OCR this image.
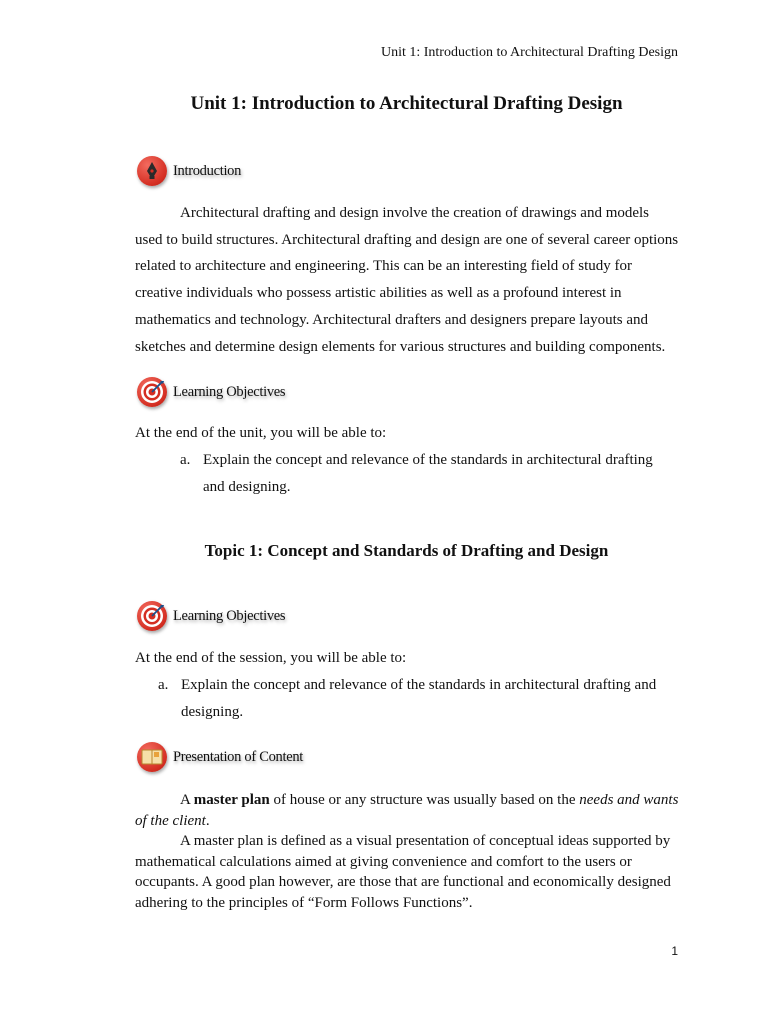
Unit 1: Introduction to Architectural Drafting Design
Unit 1: Introduction to Architectural Drafting Design
Introduction
Architectural drafting and design involve the creation of drawings and models used to build structures. Architectural drafting and design are one of several career options related to architecture and engineering. This can be an interesting field of study for creative individuals who possess artistic abilities as well as a profound interest in mathematics and technology. Architectural drafters and designers prepare layouts and sketches and determine design elements for various structures and building components.
Learning Objectives
At the end of the unit, you will be able to:
a. Explain the concept and relevance of the standards in architectural drafting and designing.
Topic 1: Concept and Standards of Drafting and Design
Learning Objectives
At the end of the session, you will be able to:
a. Explain the concept and relevance of the standards in architectural drafting and designing.
Presentation of Content
A master plan of house or any structure was usually based on the needs and wants of the client.
A master plan is defined as a visual presentation of conceptual ideas supported by mathematical calculations aimed at giving convenience and comfort to the users or occupants. A good plan however, are those that are functional and economically designed adhering to the principles of “Form Follows Functions”.
1
